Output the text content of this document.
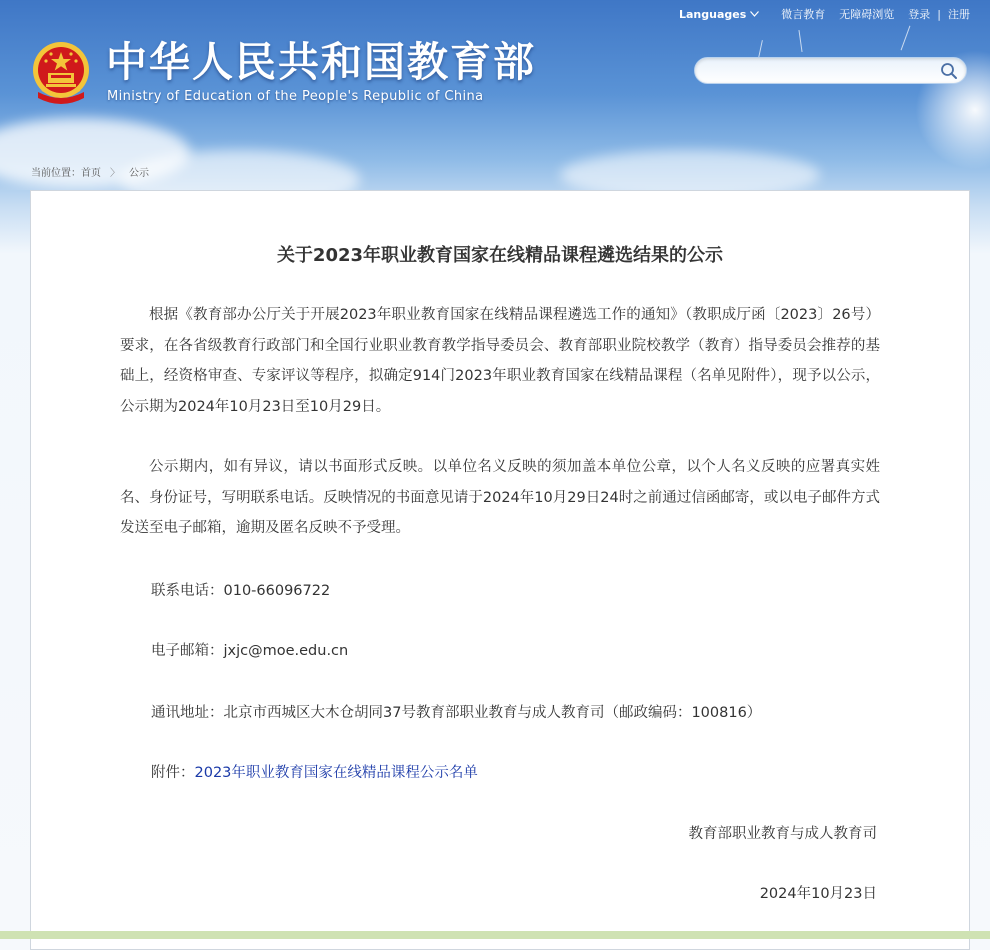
中华人民共和国教育部
Ministry of Education of the People's Republic of China
Languages	微言教育 无障碍浏览 登录 | 注册
当前位置：首页 〉 公示
关于2023年职业教育国家在线精品课程遴选结果的公示

根据《教育部办公厅关于开展2023年职业教育国家在线精品课程遴选工作的通知》（教职成厅函〔2023〕26号）要求，在各省级教育行政部门和全国行业职业教育教学指导委员会、教育部职业院校教学（教育）指导委员会推荐的基础上，经资格审查、专家评议等程序，拟确定914门2023年职业教育国家在线精品课程（名单见附件），现予以公示，公示期为2024年10月23日至10月29日。

公示期内，如有异议，请以书面形式反映。以单位名义反映的须加盖本单位公章，以个人名义反映的应署真实姓名、身份证号，写明联系电话。反映情况的书面意见请于2024年10月29日24时之前通过信函邮寄，或以电子邮件方式发送至电子邮箱，逾期及匿名反映不予受理。

联系电话：010-66096722

电子邮箱：jxjc@moe.edu.cn

通讯地址：北京市西城区大木仓胡同37号教育部职业教育与成人教育司（邮政编码：100816）

附件：2023年职业教育国家在线精品课程公示名单

教育部职业教育与成人教育司

2024年10月23日
